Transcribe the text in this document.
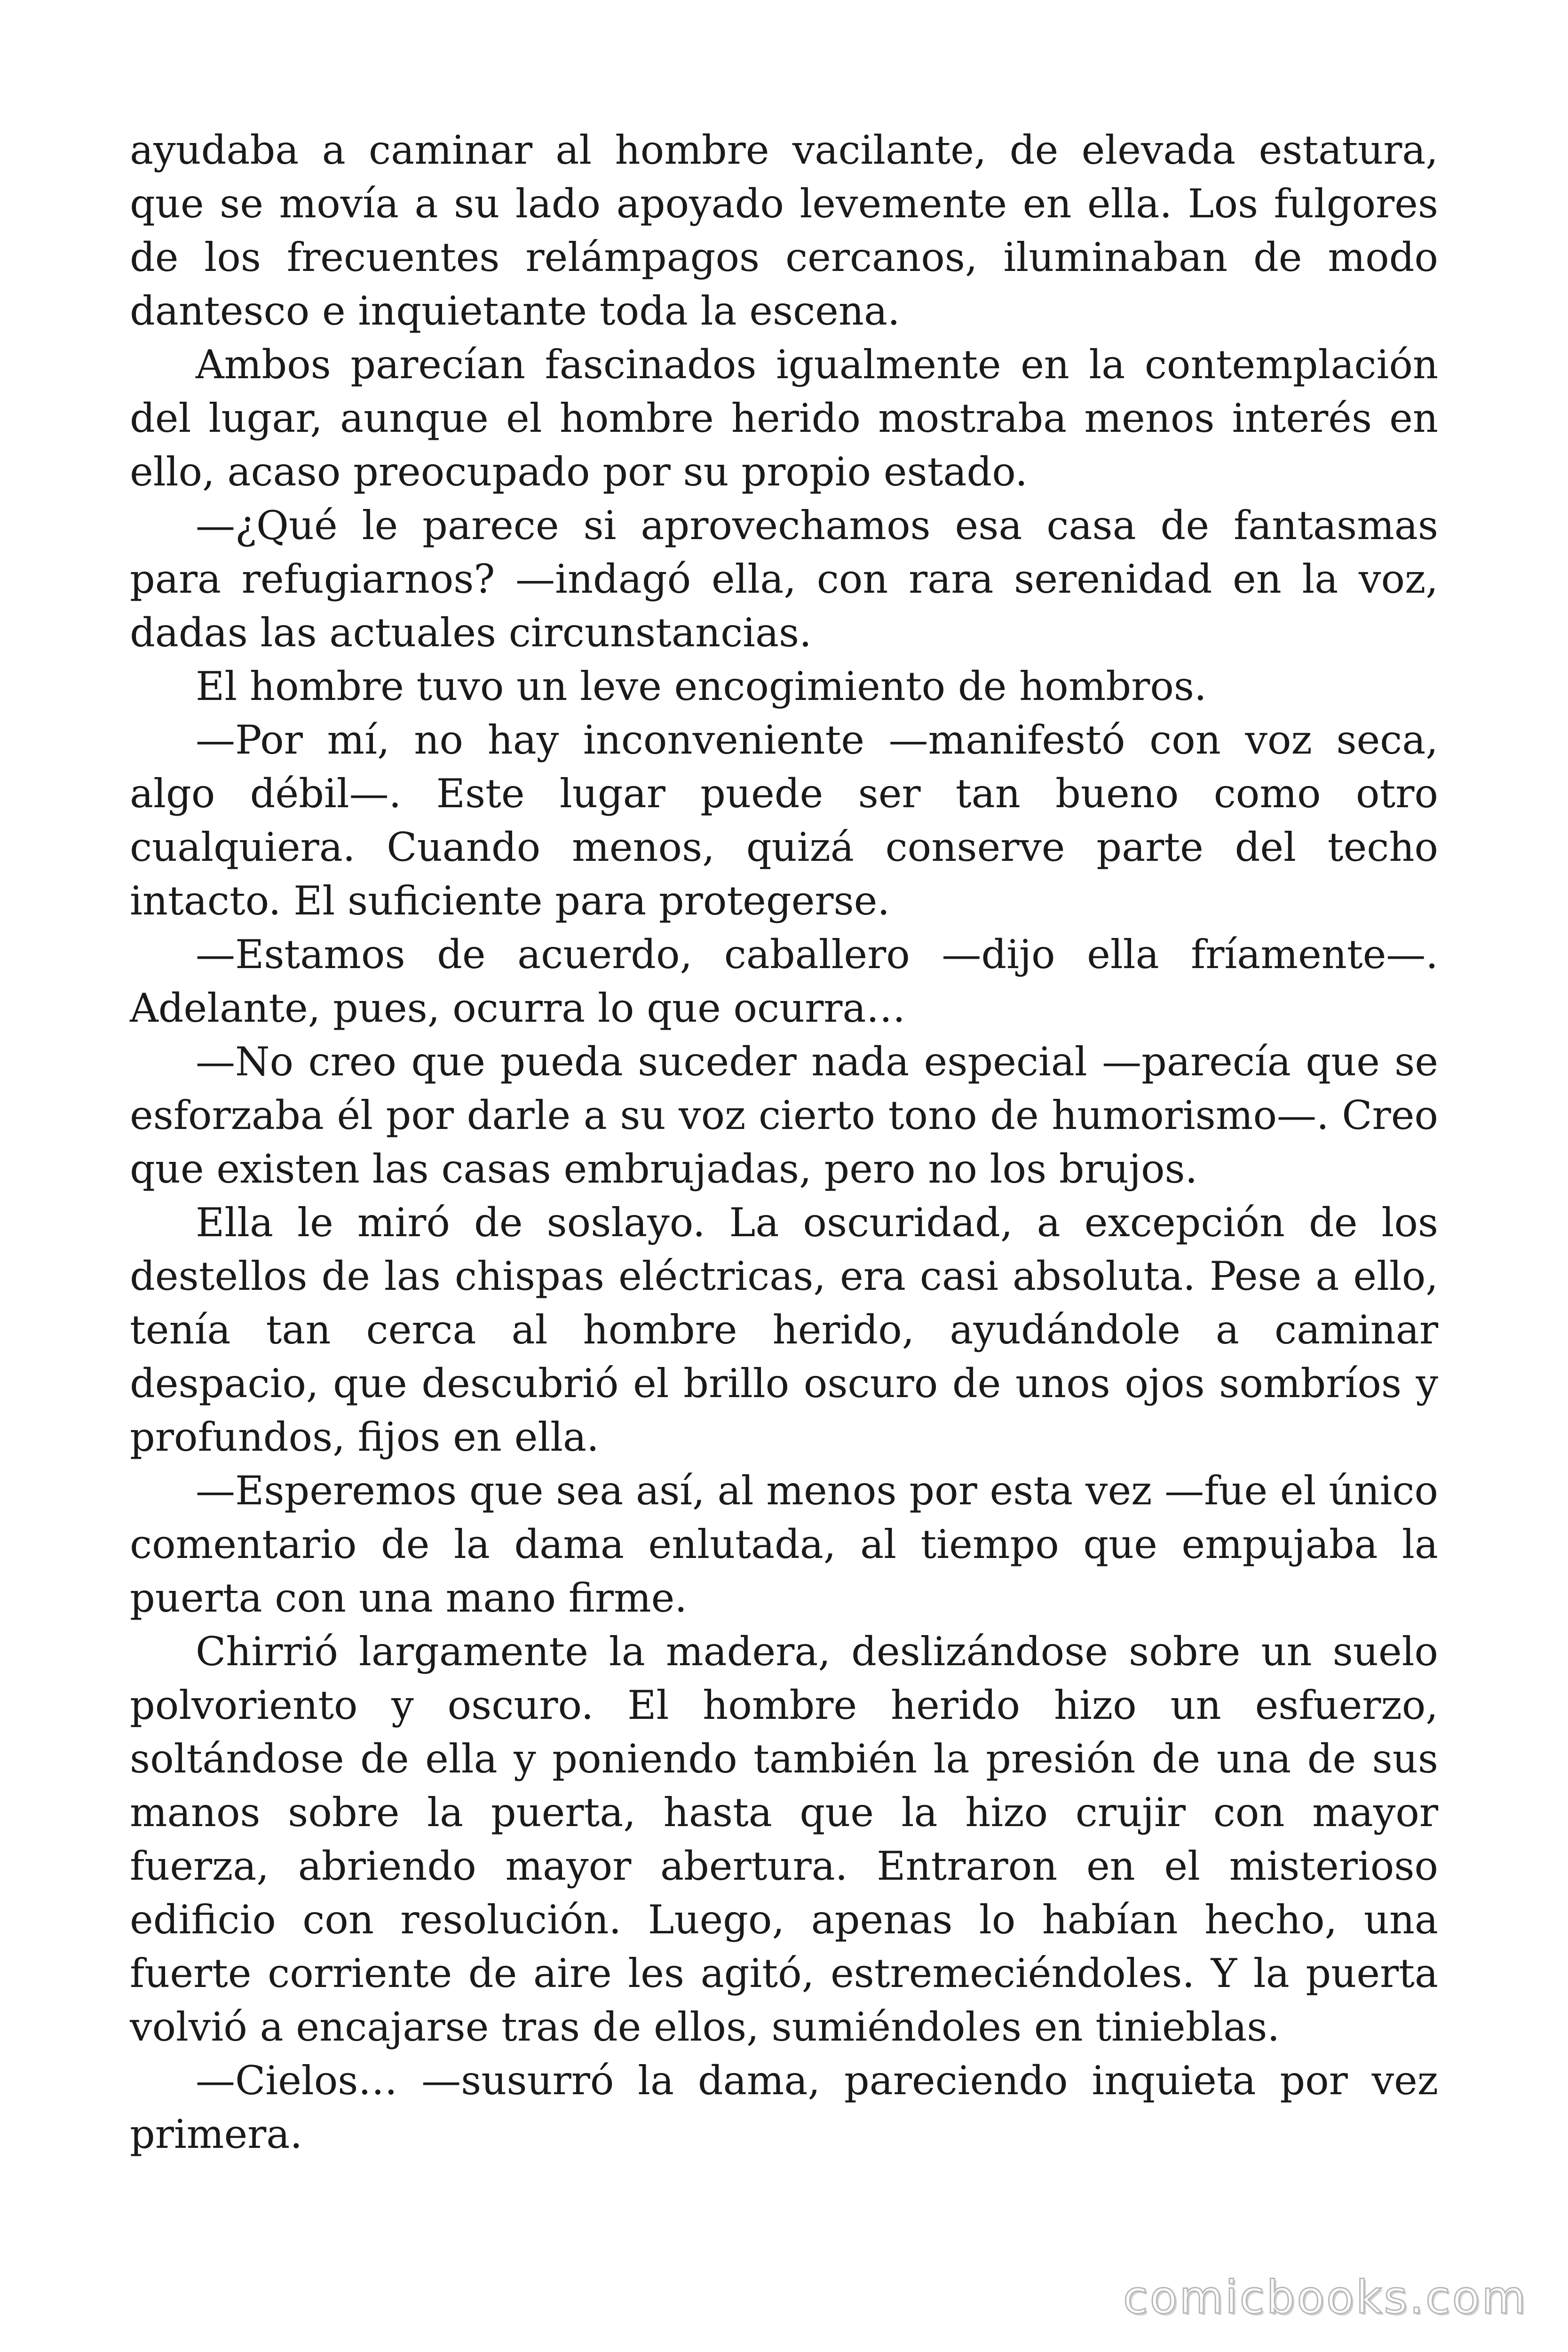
ayudaba a caminar al hombre vacilante, de elevada estatura, que se movía a su lado apoyado levemente en ella. Los fulgores de los frecuentes relámpagos cercanos, iluminaban de modo dantesco e inquietante toda la escena.

Ambos parecían fascinados igualmente en la contemplación del lugar, aunque el hombre herido mostraba menos interés en ello, acaso preocupado por su propio estado.

—¿Qué le parece si aprovechamos esa casa de fantasmas para refugiarnos? —indagó ella, con rara serenidad en la voz, dadas las actuales circunstancias.

El hombre tuvo un leve encogimiento de hombros.

—Por mí, no hay inconveniente —manifestó con voz seca, algo débil—. Este lugar puede ser tan bueno como otro cualquiera. Cuando menos, quizá conserve parte del techo intacto. El suficiente para protegerse.

—Estamos de acuerdo, caballero —dijo ella fríamente—. Adelante, pues, ocurra lo que ocurra…

—No creo que pueda suceder nada especial —parecía que se esforzaba él por darle a su voz cierto tono de humorismo—. Creo que existen las casas embrujadas, pero no los brujos.

Ella le miró de soslayo. La oscuridad, a excepción de los destellos de las chispas eléctricas, era casi absoluta. Pese a ello, tenía tan cerca al hombre herido, ayudándole a caminar despacio, que descubrió el brillo oscuro de unos ojos sombríos y profundos, fijos en ella.

—Esperemos que sea así, al menos por esta vez —fue el único comentario de la dama enlutada, al tiempo que empujaba la puerta con una mano firme.

Chirrió largamente la madera, deslizándose sobre un suelo polvoriento y oscuro. El hombre herido hizo un esfuerzo, soltándose de ella y poniendo también la presión de una de sus manos sobre la puerta, hasta que la hizo crujir con mayor fuerza, abriendo mayor abertura. Entraron en el misterioso edificio con resolución. Luego, apenas lo habían hecho, una fuerte corriente de aire les agitó, estremeciéndoles. Y la puerta volvió a encajarse tras de ellos, sumiéndoles en tinieblas.

—Cielos… —susurró la dama, pareciendo inquieta por vez primera.

comicbooks.com
